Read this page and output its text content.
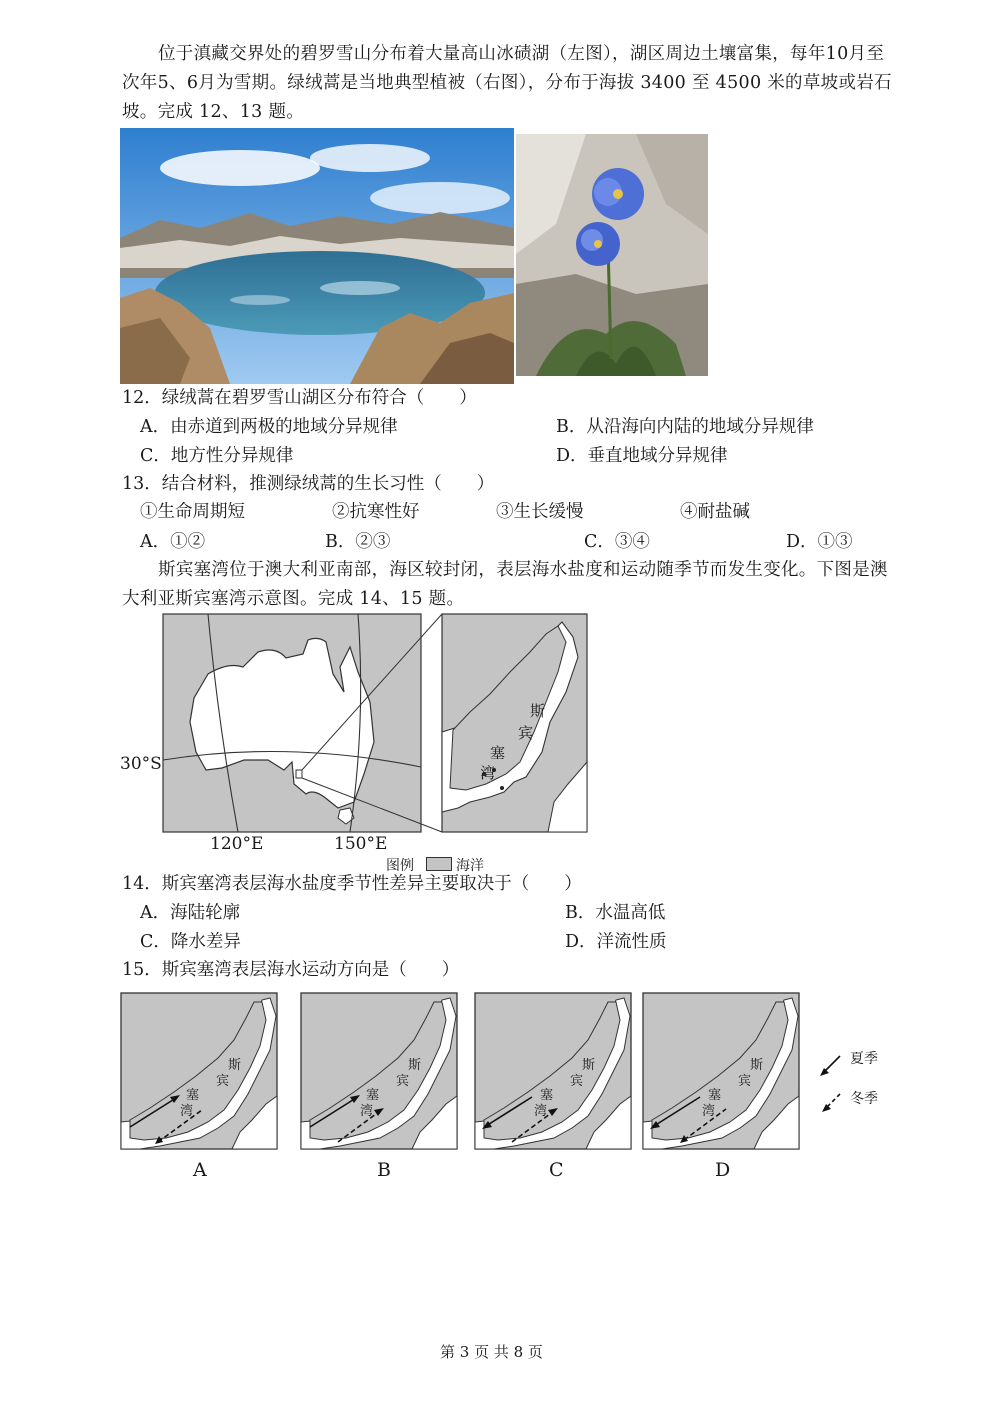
位于滇藏交界处的碧罗雪山分布着大量高山冰碛湖（左图），湖区周边土壤富集，每年10月至次年5、6月为雪期。绿绒蒿是当地典型植被（右图），分布于海拔 3400 至 4500 米的草坡或岩石坡。完成 12、13 题。
12．绿绒蒿在碧罗雪山湖区分布符合（　　）
A．由赤道到两极的地域分异规律	B．从沿海向内陆的地域分异规律
C．地方性分异规律	D．垂直地域分异规律
13．结合材料，推测绿绒蒿的生长习性（　　）
①生命周期短	②抗寒性好	③生长缓慢	④耐盐碱
A．①②	B．②③	C．③④	D．①③
斯宾塞湾位于澳大利亚南部，海区较封闭，表层海水盐度和运动随季节而发生变化。下图是澳大利亚斯宾塞湾示意图。完成 14、15 题。
斯
宾
塞
湾
30°S
120°E	150°E
图例	海洋
14．斯宾塞湾表层海水盐度季节性差异主要取决于（　　）
A．海陆轮廓	B．水温高低
C．降水差异	D．洋流性质
15．斯宾塞湾表层海水运动方向是（　　）
斯
宾
塞
湾
斯
宾
塞
湾
斯
宾
塞
湾
斯
宾
塞
湾
A	B	C	D
夏季
冬季
第 3 页 共 8 页
